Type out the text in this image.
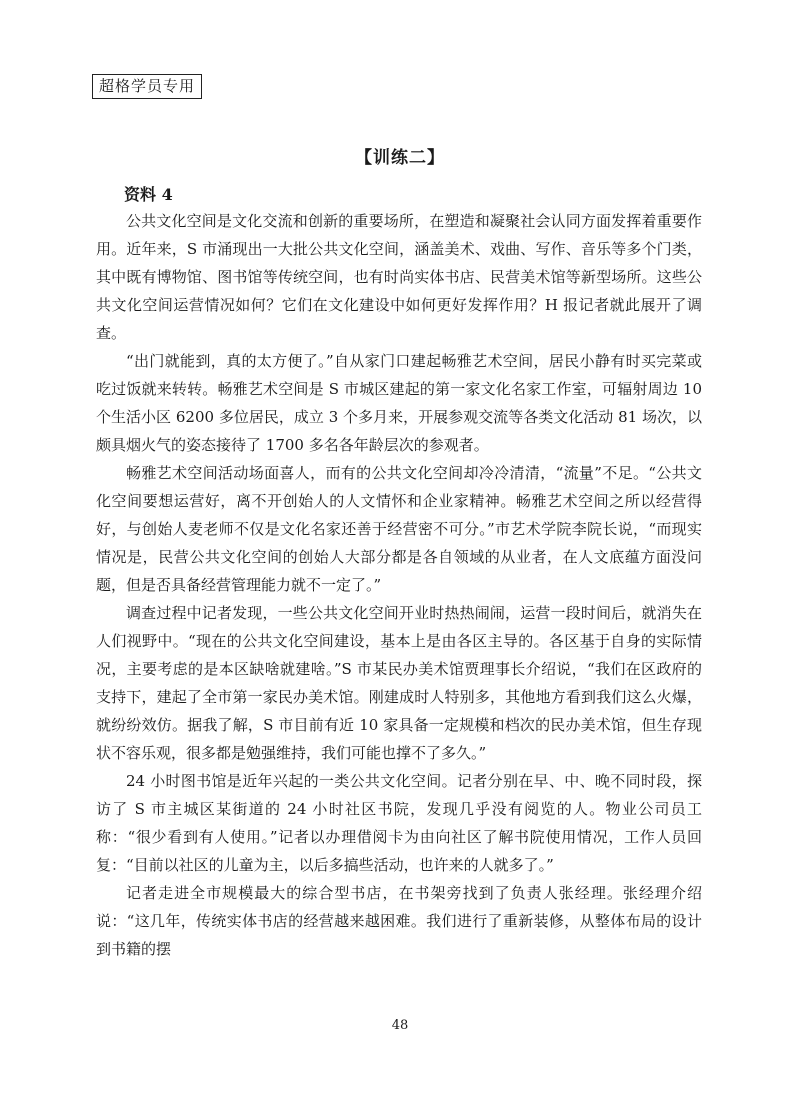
超格学员专用
【训练二】
资料 4

公共文化空间是文化交流和创新的重要场所，在塑造和凝聚社会认同方面发挥着重要作用。近年来，S 市涌现出一大批公共文化空间，涵盖美术、戏曲、写作、音乐等多个门类，其中既有博物馆、图书馆等传统空间，也有时尚实体书店、民营美术馆等新型场所。这些公共文化空间运营情况如何？它们在文化建设中如何更好发挥作用？H 报记者就此展开了调查。

“出门就能到，真的太方便了。”自从家门口建起畅雅艺术空间，居民小静有时买完菜或吃过饭就来转转。畅雅艺术空间是 S 市城区建起的第一家文化名家工作室，可辐射周边 10 个生活小区 6200 多位居民，成立 3 个多月来，开展参观交流等各类文化活动 81 场次，以颇具烟火气的姿态接待了 1700 多名各年龄层次的参观者。

畅雅艺术空间活动场面喜人，而有的公共文化空间却冷冷清清，“流量”不足。“公共文化空间要想运营好，离不开创始人的人文情怀和企业家精神。畅雅艺术空间之所以经营得好，与创始人麦老师不仅是文化名家还善于经营密不可分。”市艺术学院李院长说，“而现实情况是，民营公共文化空间的创始人大部分都是各自领域的从业者，在人文底蕴方面没问题，但是否具备经营管理能力就不一定了。”

调查过程中记者发现，一些公共文化空间开业时热热闹闹，运营一段时间后，就消失在人们视野中。“现在的公共文化空间建设，基本上是由各区主导的。各区基于自身的实际情况，主要考虑的是本区缺啥就建啥。”S 市某民办美术馆贾理事长介绍说，“我们在区政府的支持下，建起了全市第一家民办美术馆。刚建成时人特别多，其他地方看到我们这么火爆，就纷纷效仿。据我了解，S 市目前有近 10 家具备一定规模和档次的民办美术馆，但生存现状不容乐观，很多都是勉强维持，我们可能也撑不了多久。”

24 小时图书馆是近年兴起的一类公共文化空间。记者分别在早、中、晚不同时段，探访了 S 市主城区某街道的 24 小时社区书院，发现几乎没有阅览的人。物业公司员工称：“很少看到有人使用。”记者以办理借阅卡为由向社区了解书院使用情况，工作人员回复：“目前以社区的儿童为主，以后多搞些活动，也许来的人就多了。”

记者走进全市规模最大的综合型书店，在书架旁找到了负责人张经理。张经理介绍说：“这几年，传统实体书店的经营越来越困难。我们进行了重新装修，从整体布局的设计到书籍的摆

48
